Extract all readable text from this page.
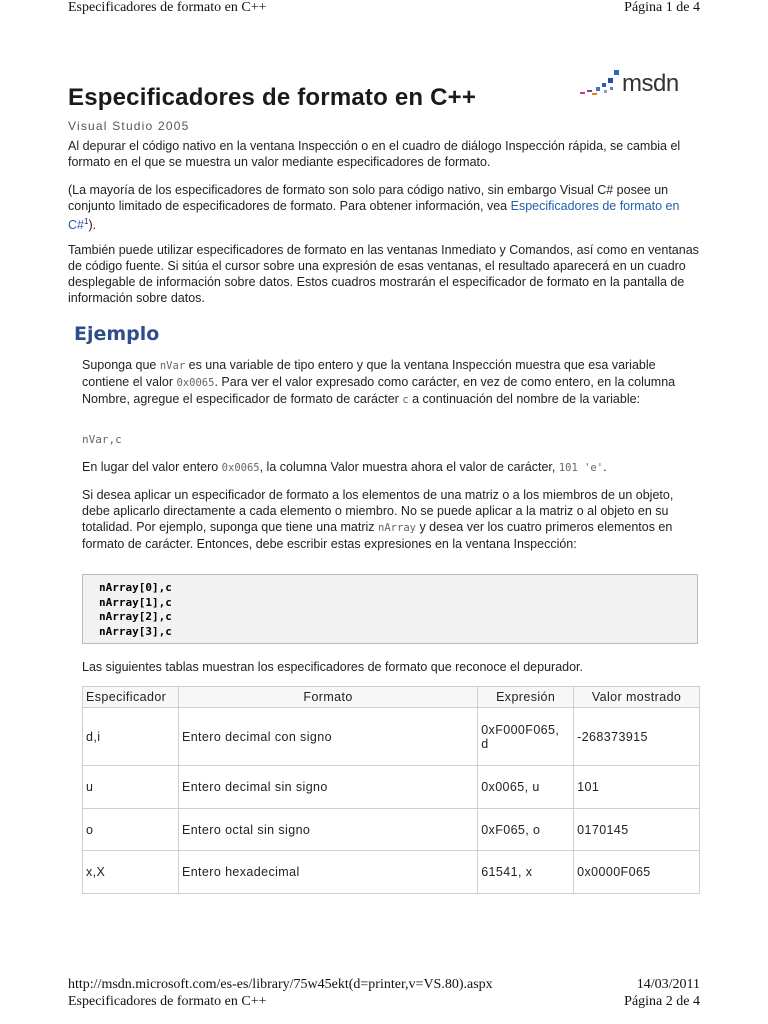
Especificadores de formato en C++	Página 1 de 4
Especificadores de formato en C++
msdn
Visual Studio 2005
Al depurar el código nativo en la ventana Inspección o en el cuadro de diálogo Inspección rápida, se cambia el formato en el que se muestra un valor mediante especificadores de formato.
(La mayoría de los especificadores de formato son solo para código nativo, sin embargo Visual C# posee un conjunto limitado de especificadores de formato. Para obtener información, vea Especificadores de formato en C#$^1$).
También puede utilizar especificadores de formato en las ventanas Inmediato y Comandos, así como en ventanas de código fuente. Si sitúa el cursor sobre una expresión de esas ventanas, el resultado aparecerá en un cuadro desplegable de información sobre datos. Estos cuadros mostrarán el especificador de formato en la pantalla de información sobre datos.
Ejemplo
Suponga que nVar es una variable de tipo entero y que la ventana Inspección muestra que esa variable contiene el valor 0x0065. Para ver el valor expresado como carácter, en vez de como entero, en la columna Nombre, agregue el especificador de formato de carácter c a continuación del nombre de la variable:
nVar,c
En lugar del valor entero 0x0065, la columna Valor muestra ahora el valor de carácter, 101 'e'.
Si desea aplicar un especificador de formato a los elementos de una matriz o a los miembros de un objeto, debe aplicarlo directamente a cada elemento o miembro. No se puede aplicar a la matriz o al objeto en su totalidad. Por ejemplo, suponga que tiene una matriz nArray y desea ver los cuatro primeros elementos en formato de carácter. Entonces, debe escribir estas expresiones en la ventana Inspección:
nArray[0],c
nArray[1],c
nArray[2],c
nArray[3],c
Las siguientes tablas muestran los especificadores de formato que reconoce el depurador.
Especificador	Formato	Expresión	Valor mostrado
d,i	Entero decimal con signo	0xF000F065, d	-268373915
u	Entero decimal sin signo	0x0065, u	101
o	Entero octal sin signo	0xF065, o	0170145
x,X	Entero hexadecimal	61541, x	0x0000F065
http://msdn.microsoft.com/es-es/library/75w45ekt(d=printer,v=VS.80).aspx	14/03/2011
Especificadores de formato en C++	Página 2 de 4
